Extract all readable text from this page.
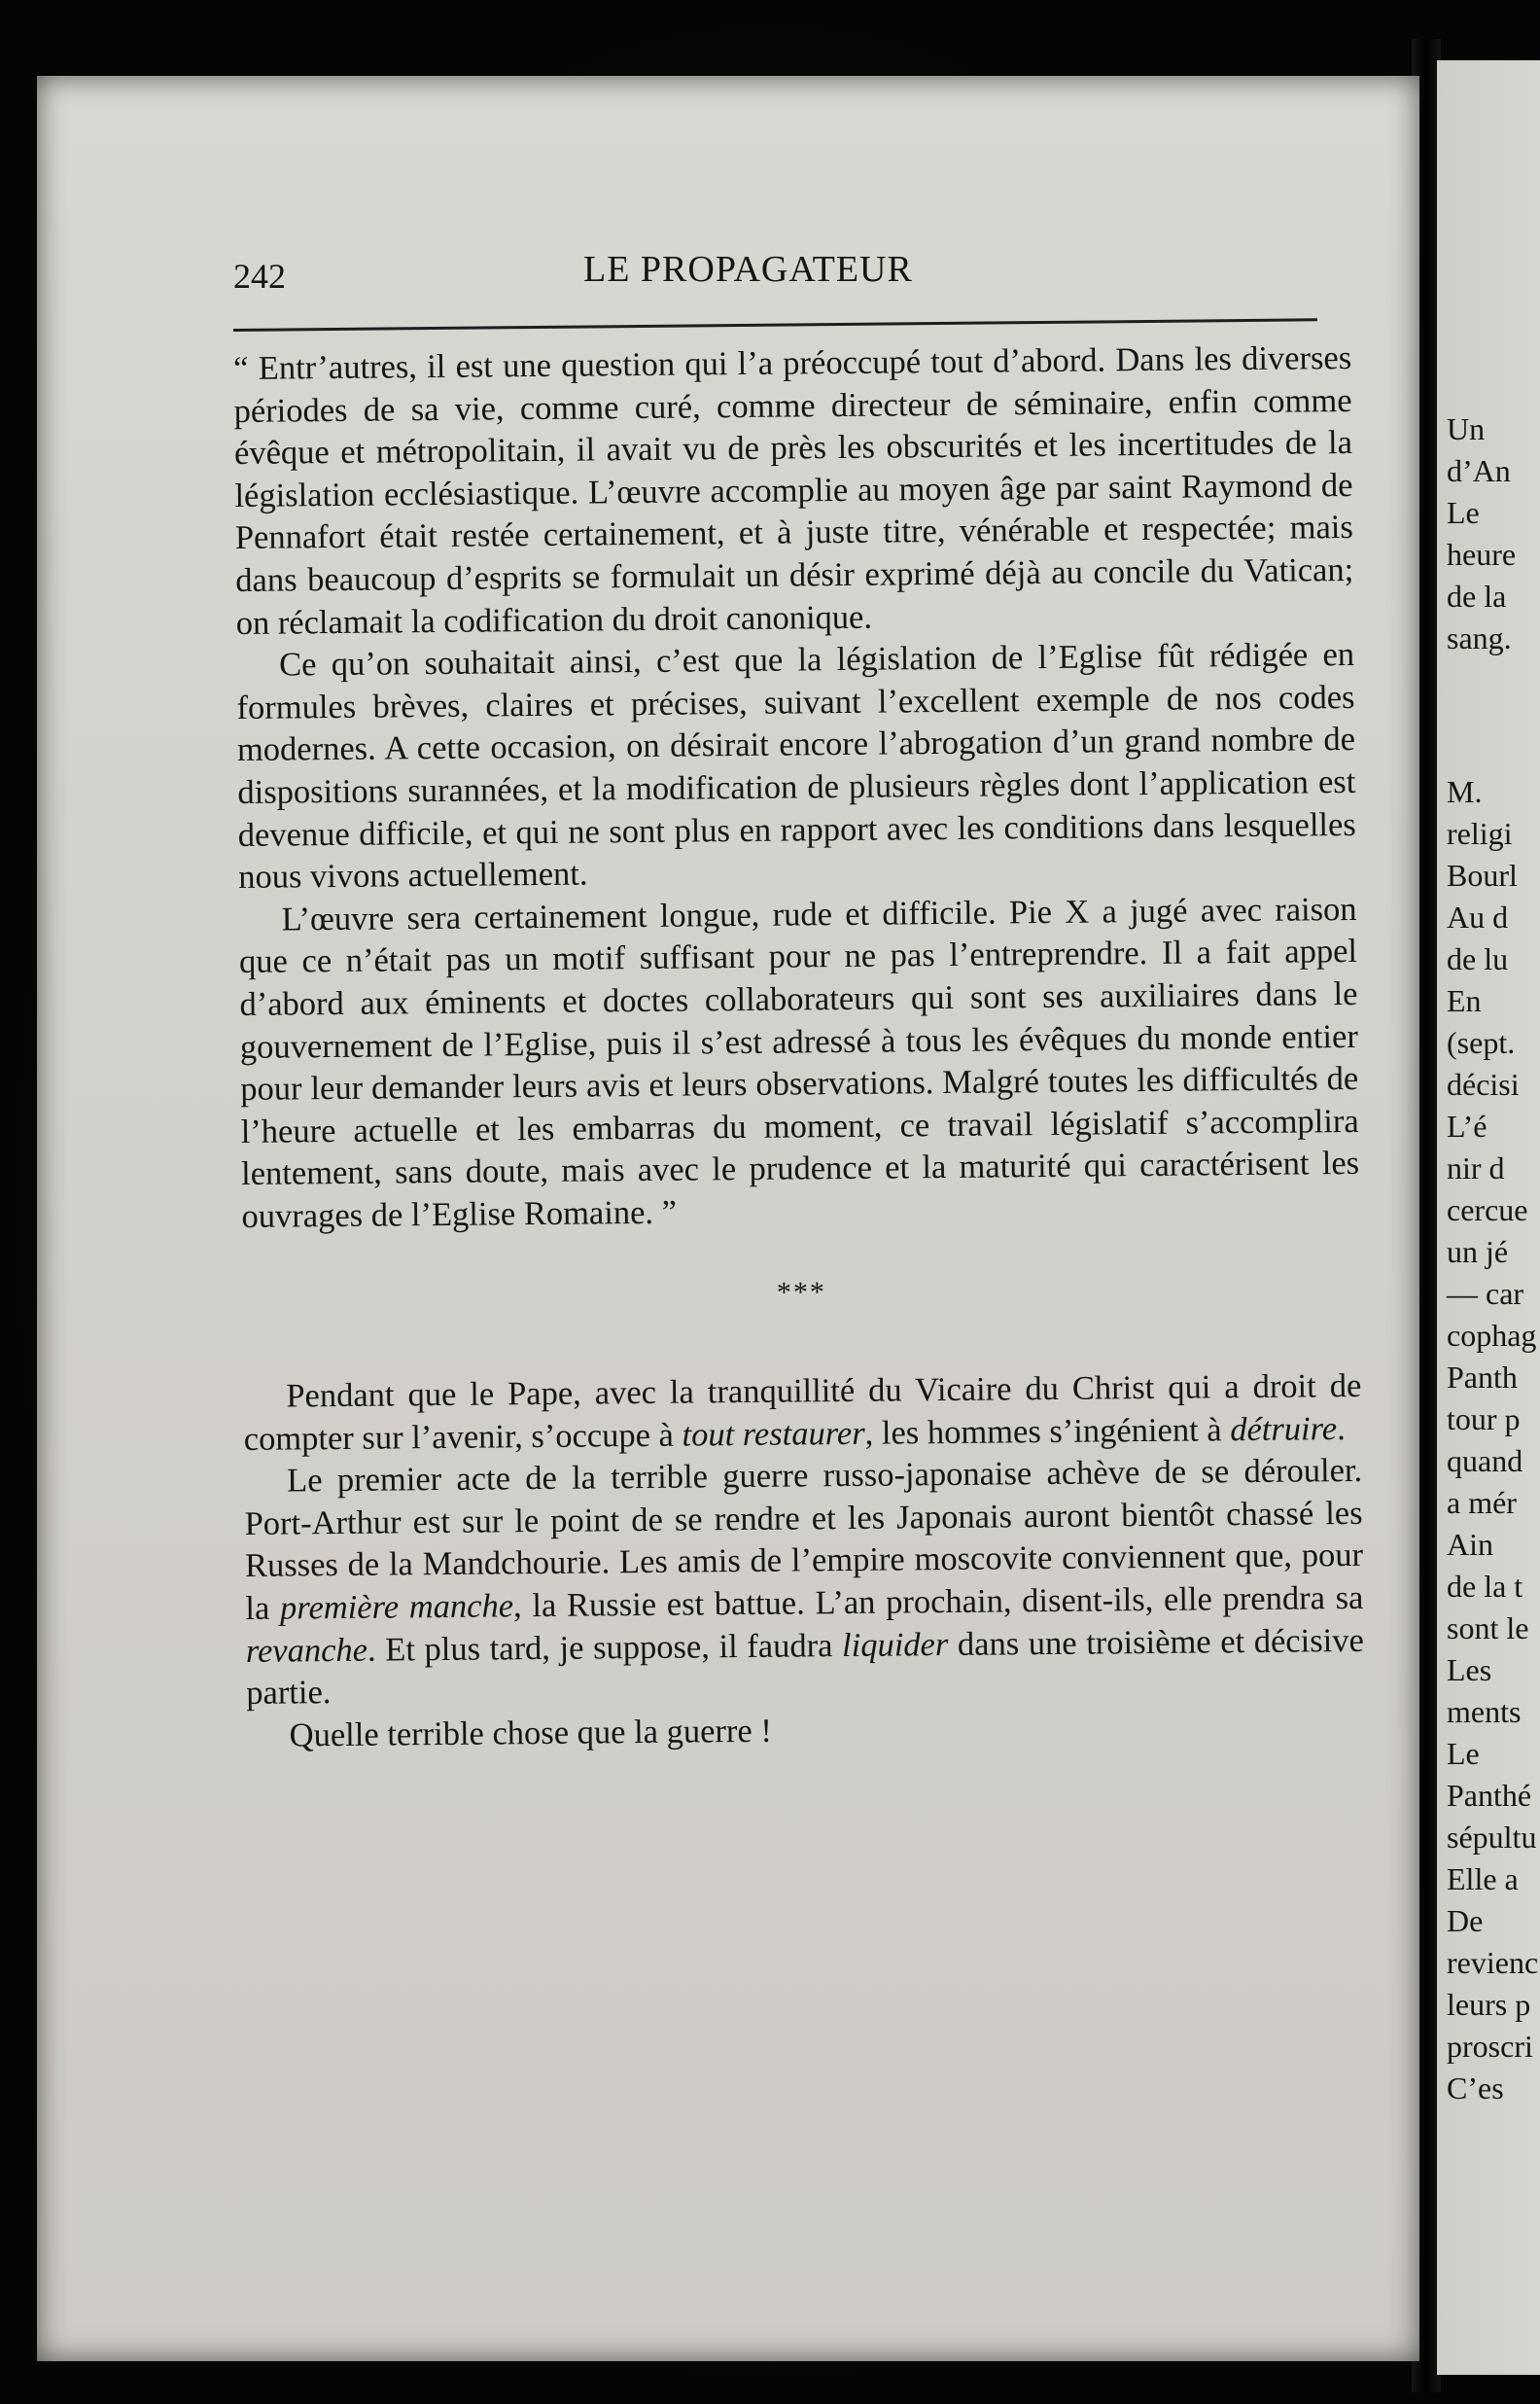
Un
d’An
Le
heure
de la
sang.
M.
religi
Bourl
Au d
de lu
En
(sept.
décisi
L’é
nir d
cercue
un jé
— car
cophag
Panth
tour p
quand
a mér
Ain
de la t
sont le
Les
ments
Le
Panthé
sépultu
Elle a
De
revienc
leurs p
proscri
C’es
242	LE PROPAGATEUR

“ Entr’autres, il est une question qui l’a préoccupé tout d’abord. Dans les diverses périodes de sa vie, comme curé, comme directeur de séminaire, enfin comme évêque et métropolitain, il avait vu de près les obscurités et les incertitudes de la législation ecclésiastique. L’œuvre accomplie au moyen âge par saint Raymond de Pennafort était restée certainement, et à juste titre, vénérable et respectée; mais dans beaucoup d’esprits se formulait un désir exprimé déjà au concile du Vatican; on réclamait la codification du droit canonique.

Ce qu’on souhaitait ainsi, c’est que la législation de l’Eglise fût rédigée en formules brèves, claires et précises, suivant l’excellent exemple de nos codes modernes. A cette occasion, on désirait encore l’abrogation d’un grand nombre de dispositions surannées, et la modification de plusieurs règles dont l’application est devenue difficile, et qui ne sont plus en rapport avec les conditions dans lesquelles nous vivons actuellement.

L’œuvre sera certainement longue, rude et difficile. Pie X a jugé avec raison que ce n’était pas un motif suffisant pour ne pas l’entreprendre. Il a fait appel d’abord aux éminents et doctes collaborateurs qui sont ses auxiliaires dans le gouvernement de l’Eglise, puis il s’est adressé à tous les évêques du monde entier pour leur demander leurs avis et leurs observations. Malgré toutes les difficultés de l’heure actuelle et les embarras du moment, ce travail législatif s’accomplira lentement, sans doute, mais avec le prudence et la maturité qui caractérisent les ouvrages de l’Eglise Romaine. ”

***

Pendant que le Pape, avec la tranquillité du Vicaire du Christ qui a droit de compter sur l’avenir, s’occupe à tout restaurer, les hommes s’ingénient à détruire.

Le premier acte de la terrible guerre russo-japonaise achève de se dérouler. Port-Arthur est sur le point de se rendre et les Japonais auront bientôt chassé les Russes de la Mandchourie. Les amis de l’empire moscovite conviennent que, pour la première manche, la Russie est battue. L’an prochain, disent-ils, elle prendra sa revanche. Et plus tard, je suppose, il faudra liquider dans une troisième et décisive partie.

Quelle terrible chose que la guerre !
